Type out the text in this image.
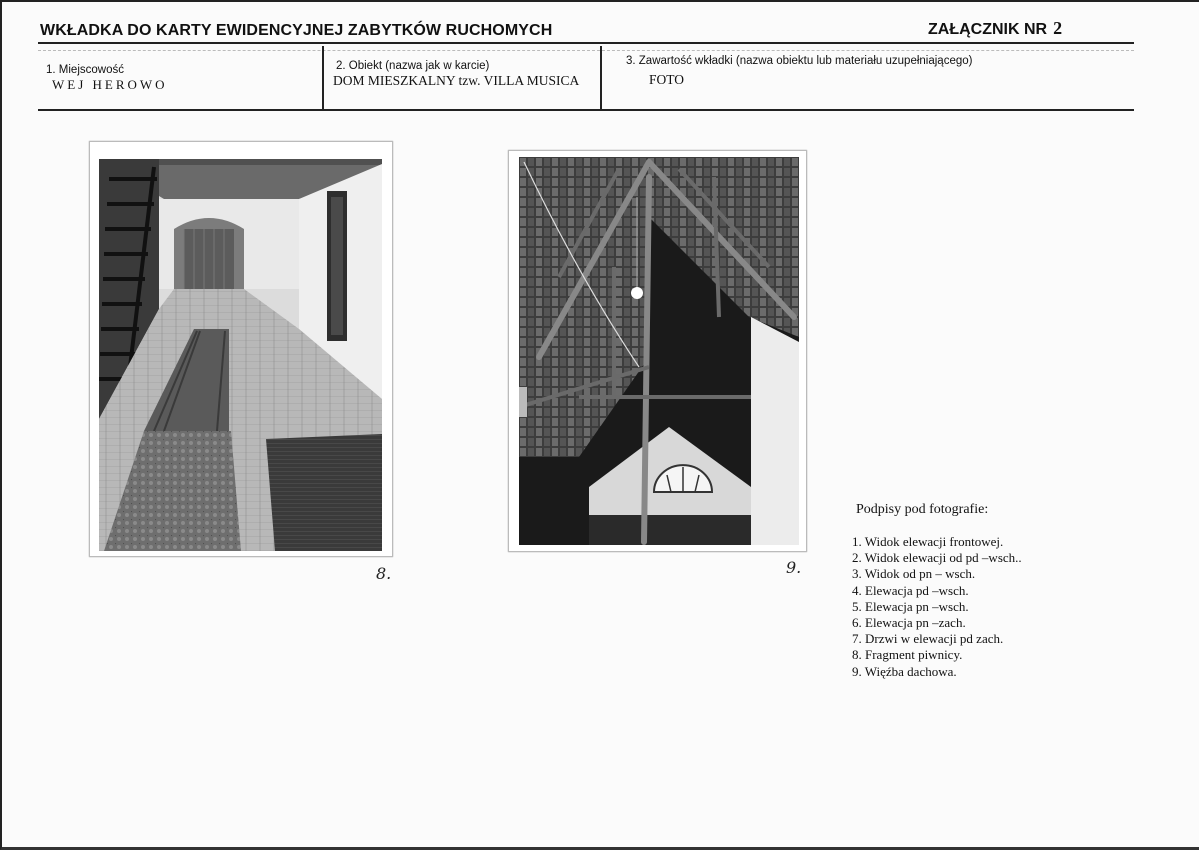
WKŁADKA DO KARTY EWIDENCYJNEJ ZABYTKÓW RUCHOMYCH	ZAŁĄCZNIK NR 2
1. Miejscowość
WEJ HEROWO
2. Obiekt (nazwa jak w karcie)
DOM MIESZKALNY tzw. VILLA MUSICA
3. Zawartość wkładki (nazwa obiektu lub materiału uzupełniającego)
FOTO
8.	9.
Podpisy pod fotografie:
1. Widok elewacji frontowej.
2. Widok elewacji od pd –wsch..
3. Widok od pn – wsch.
4. Elewacja pd –wsch.
5. Elewacja pn –wsch.
6. Elewacja pn –zach.
7. Drzwi w elewacji pd zach.
8. Fragment piwnicy.
9. Więźba dachowa.
